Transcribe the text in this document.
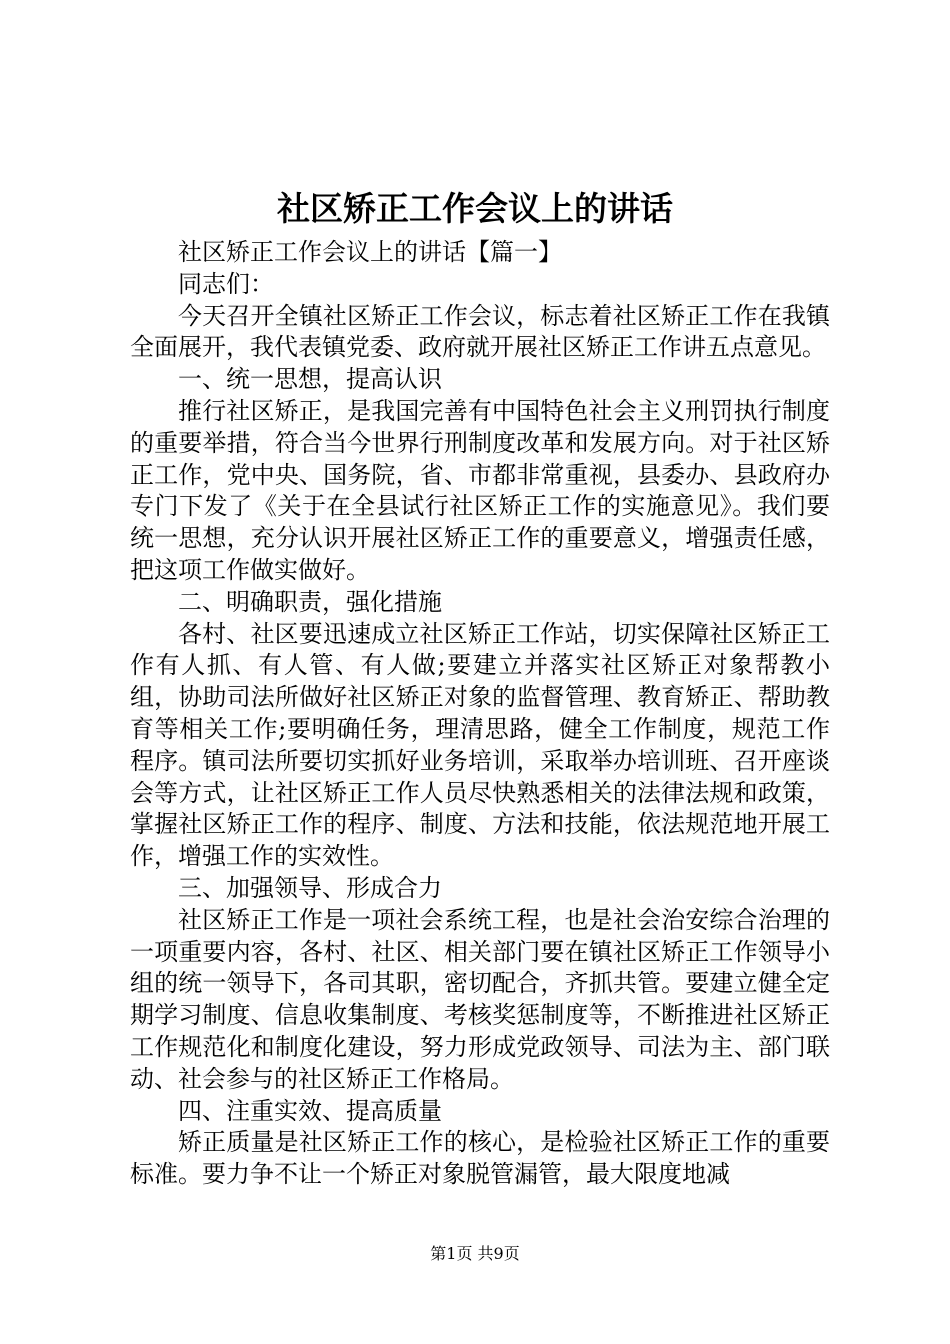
社区矫正工作会议上的讲话

社区矫正工作会议上的讲话【篇一】

同志们：

今天召开全镇社区矫正工作会议，标志着社区矫正工作在我镇全面展开，我代表镇党委、政府就开展社区矫正工作讲五点意见。

一、统一思想，提高认识

推行社区矫正，是我国完善有中国特色社会主义刑罚执行制度的重要举措，符合当今世界行刑制度改革和发展方向。对于社区矫正工作，党中央、国务院，省、市都非常重视，县委办、县政府办专门下发了《关于在全县试行社区矫正工作的实施意见》。我们要统一思想，充分认识开展社区矫正工作的重要意义，增强责任感，把这项工作做实做好。

二、明确职责，强化措施

各村、社区要迅速成立社区矫正工作站，切实保障社区矫正工作有人抓、有人管、有人做;要建立并落实社区矫正对象帮教小组，协助司法所做好社区矫正对象的监督管理、教育矫正、帮助教育等相关工作;要明确任务，理清思路，健全工作制度，规范工作程序。镇司法所要切实抓好业务培训，采取举办培训班、召开座谈会等方式，让社区矫正工作人员尽快熟悉相关的法律法规和政策，掌握社区矫正工作的程序、制度、方法和技能，依法规范地开展工作，增强工作的实效性。

三、加强领导、形成合力

社区矫正工作是一项社会系统工程，也是社会治安综合治理的一项重要内容，各村、社区、相关部门要在镇社区矫正工作领导小组的统一领导下，各司其职，密切配合，齐抓共管。要建立健全定期学习制度、信息收集制度、考核奖惩制度等，不断推进社区矫正工作规范化和制度化建设，努力形成党政领导、司法为主、部门联动、社会参与的社区矫正工作格局。

四、注重实效、提高质量

矫正质量是社区矫正工作的核心，是检验社区矫正工作的重要标准。要力争不让一个矫正对象脱管漏管，最大限度地减

第1页 共9页
